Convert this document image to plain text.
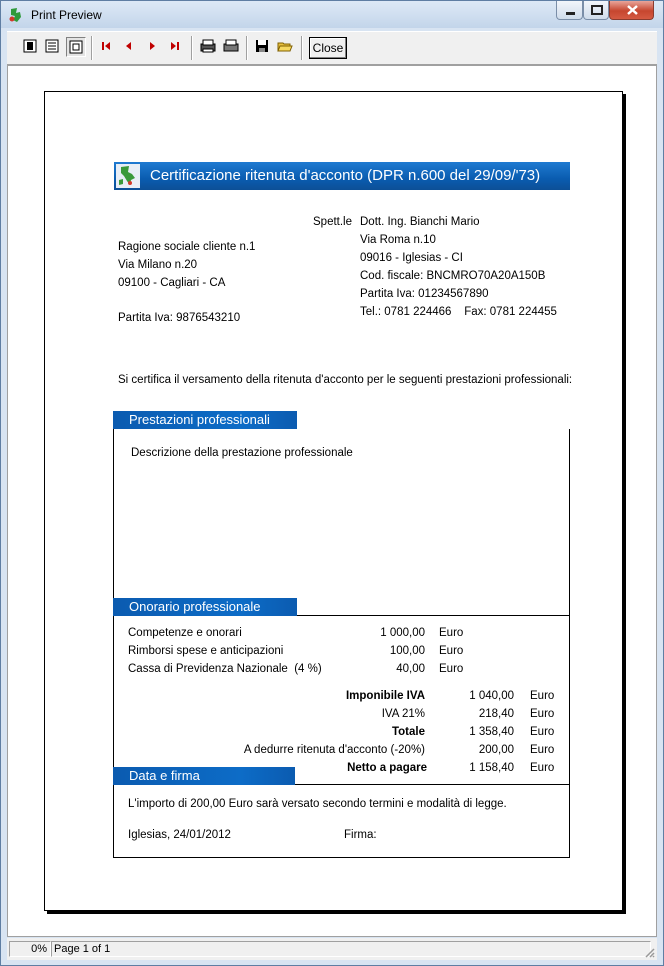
Print Preview
Close
Certificazione ritenuta d'acconto (DPR n.600 del 29/09/'73)
Spett.le Dott. Ing. Bianchi Mario
Via Roma n.10
09016 - Iglesias - CI
Cod. fiscale: BNCMRO70A20A150B
Partita Iva: 01234567890
Tel.: 0781 224466    Fax: 0781 224455
Ragione sociale cliente n.1
Via Milano n.20
09100 - Cagliari - CA
Partita Iva: 9876543210
Si certifica il versamento della ritenuta d'acconto per le seguenti prestazioni professionali:
Prestazioni professionali
Descrizione della prestazione professionale
Onorario professionale
Competenze e onorari	1 000,00 Euro
Rimborsi spese e anticipazioni	100,00 Euro
Cassa di Previdenza Nazionale  (4 %)	40,00 Euro
Imponibile IVA	1 040,00 Euro
IVA 21%	218,40 Euro
Totale	1 358,40 Euro
A dedurre ritenuta d'acconto (-20%)	200,00 Euro
Netto a pagare	1 158,40 Euro
Data e firma
L'importo di 200,00 Euro sarà versato secondo termini e modalità di legge.
Iglesias, 24/01/2012	Firma:
0% Page 1 of 1
